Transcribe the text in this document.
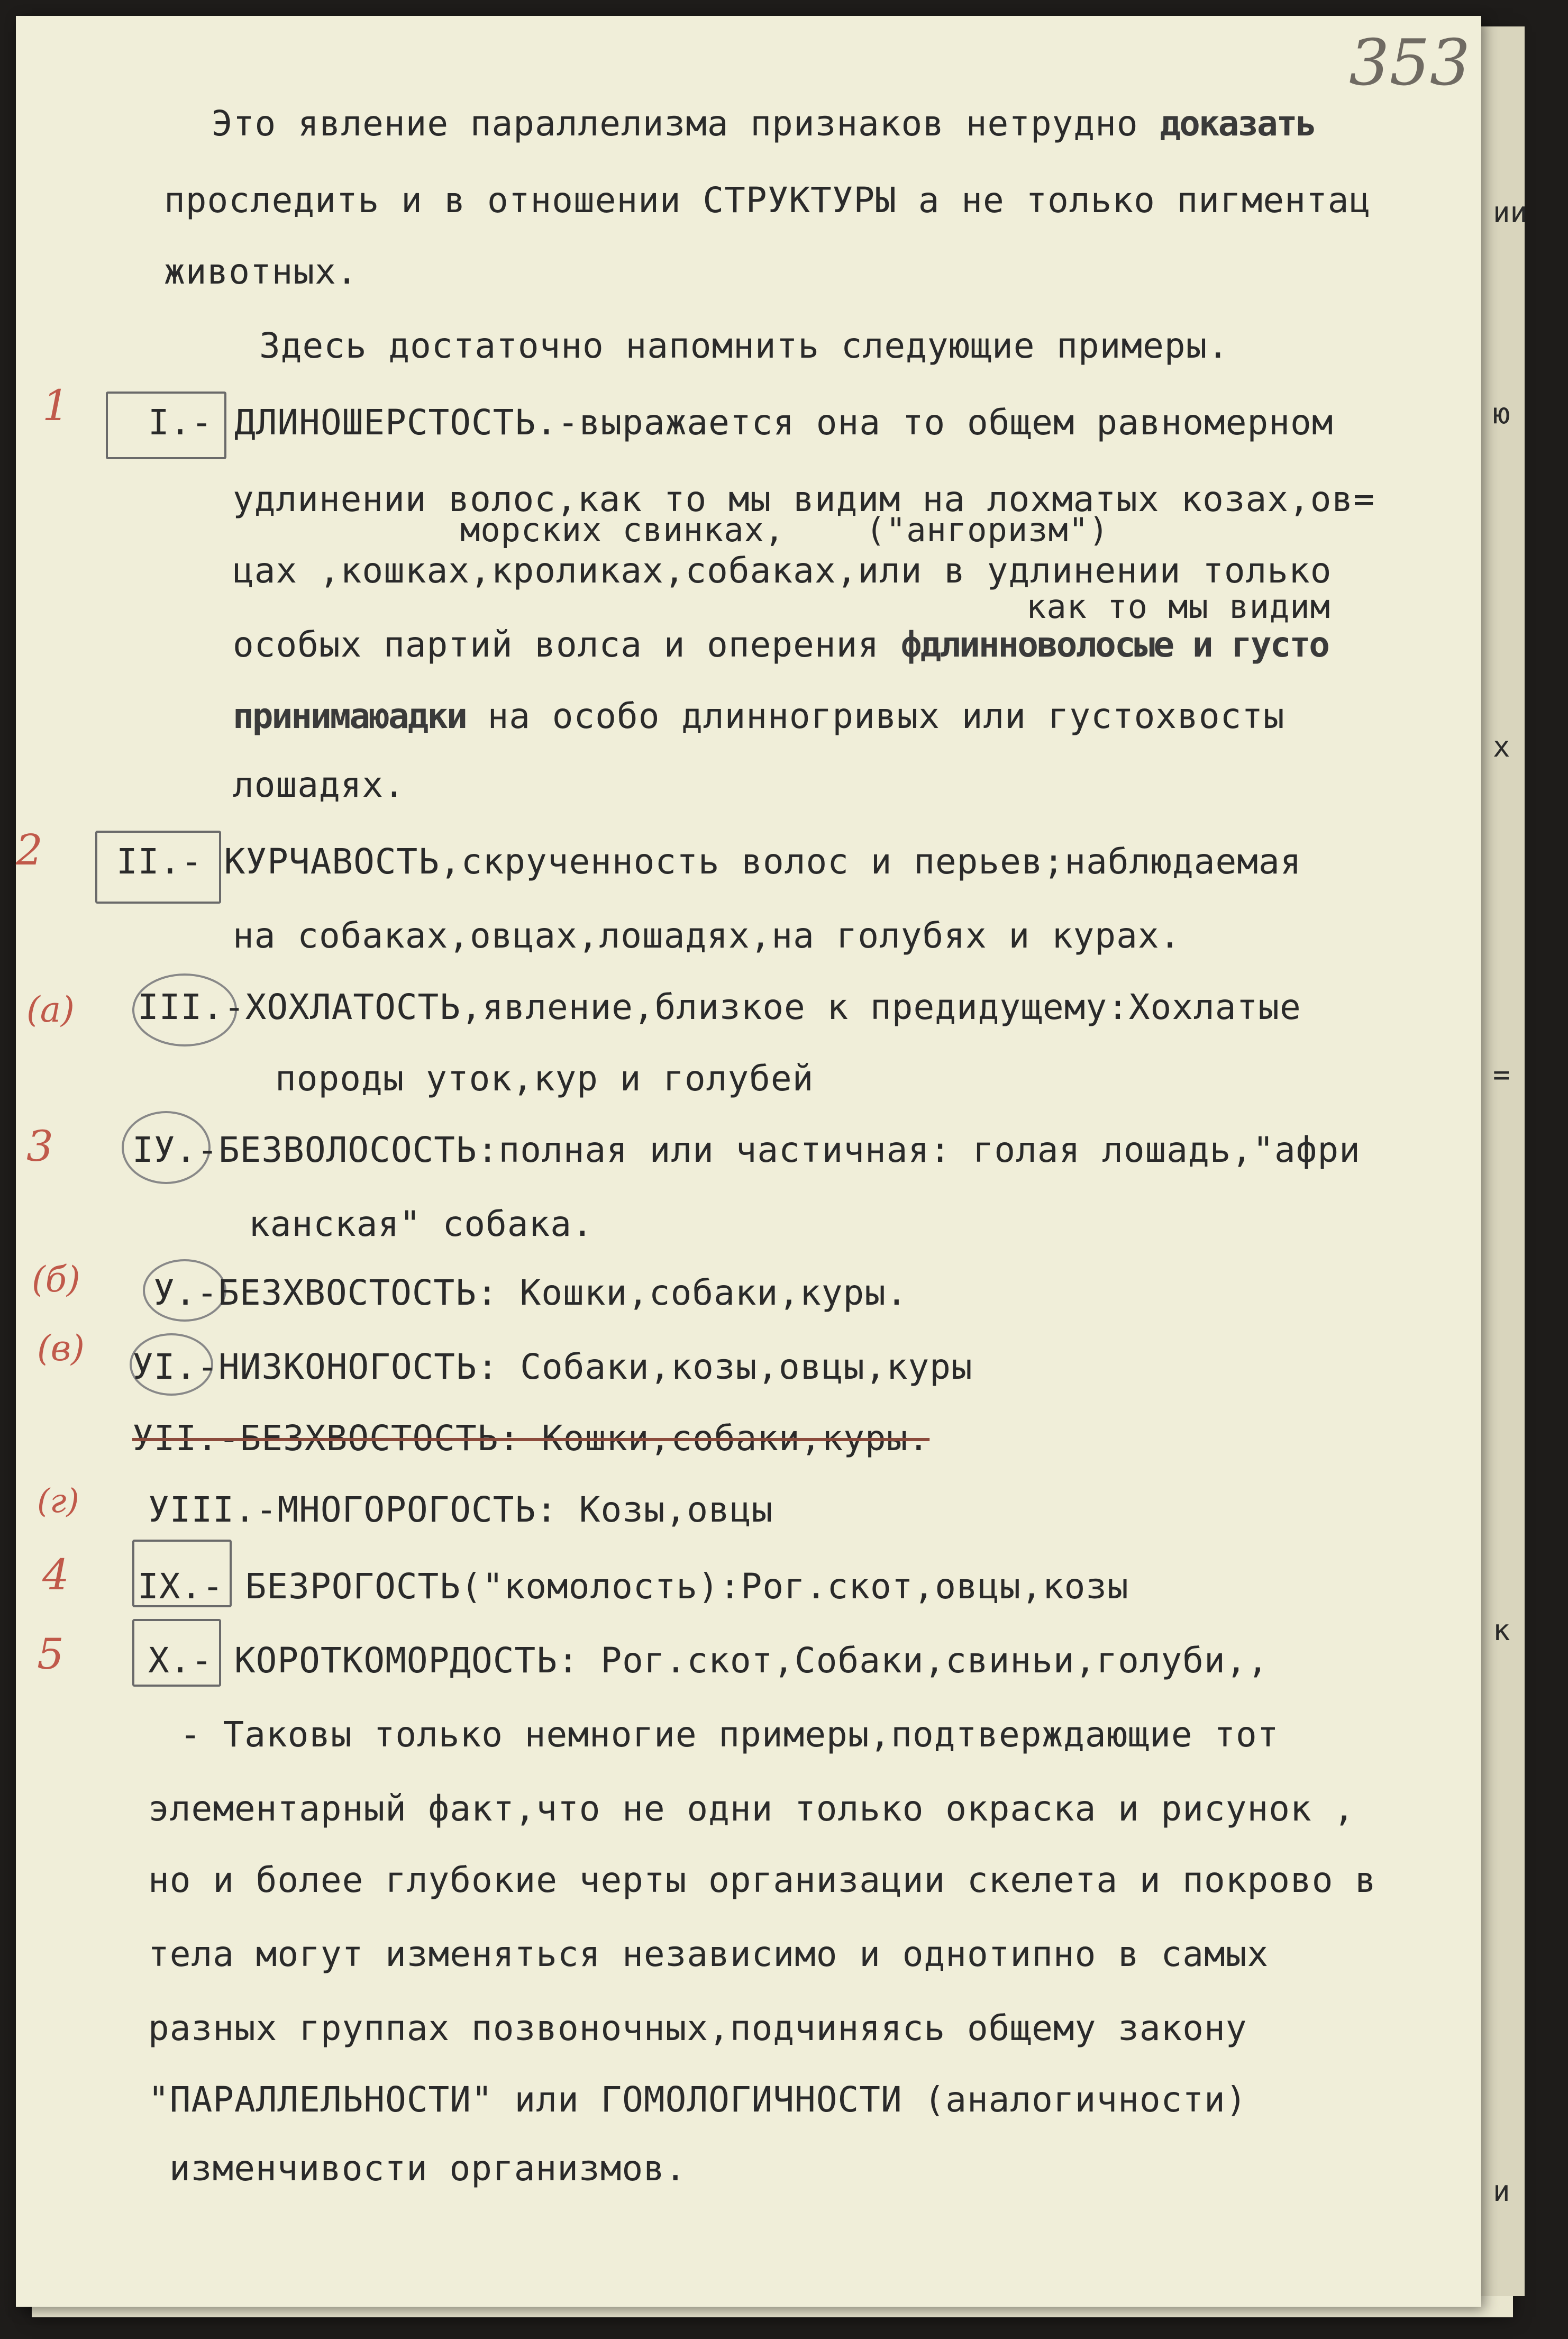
ии
ю
х
=
к
и
353
1
2
(a)
3
(б)
(в)
(г)
4
5
Это явление параллелизма признаков нетрудно доказать
проследить и в отношении СТРУКТУРЫ а не только пигментац
животных.
Здесь достаточно напомнить следующие примеры.
I.- ДЛИНОШЕРСТОСТЬ.-выражается она то общем равномерном
удлинении волос,как то мы видим на лохматых козах,ов=
морских свинках,    ("ангоризм")
цах ,кошках,кроликах,собаках,или в удлинении только
как то мы видим
особых партий волса и оперения фдлинноволосые и густо
принимаюадки на особо длинногривых или густохвосты
лошадях.
II.- КУРЧАВОСТЬ,скрученность волос и перьев;наблюдаемая
на собаках,овцах,лошадях,на голубях и курах.
III.-ХОХЛАТОСТЬ,явление,близкое к предидущему:Хохлатые
породы уток,кур и голубей
IУ.-БЕЗВОЛОСОСТЬ:полная или частичная: голая лошадь,"афри
канская" собака.
У.-БЕЗХВОСТОСТЬ: Кошки,собаки,куры.
УI.-НИЗКОНОГОСТЬ: Собаки,козы,овцы,куры
УII.-БЕЗХВОСТОСТЬ: Кошки,собаки,куры.
УIII.-МНОГОРОГОСТЬ: Козы,овцы
IX.- БЕЗРОГОСТЬ("комолость):Рог.скот,овцы,козы
X.- КОРОТКОМОРДОСТЬ: Рог.скот,Собаки,свиньи,голуби,,
- Таковы только немногие примеры,подтверждающие тот
элементарный факт,что не одни только окраска и рисунок ,
но и более глубокие черты организации скелета и покрово в
тела могут изменяться независимо и однотипно в самых
разных группах позвоночных,подчиняясь общему закону
"ПАРАЛЛЕЛЬНОСТИ" или ГОМОЛОГИЧНОСТИ (аналогичности)
изменчивости организмов.
